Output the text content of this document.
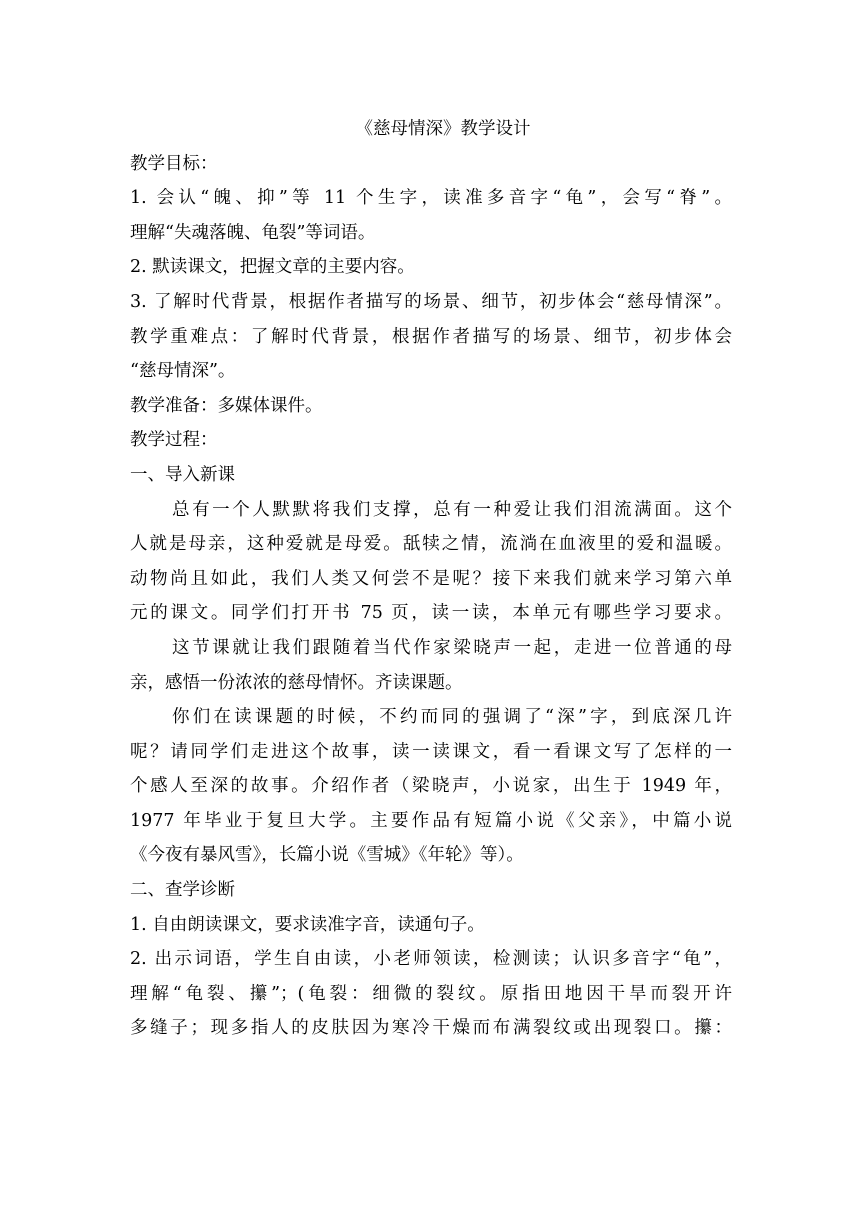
《慈母情深》教学设计

教学目标：

1. 会认“魄、抑”等 11 个生字，读准多音字“龟”，会写“脊”。

理解“失魂落魄、龟裂”等词语。

2. 默读课文，把握文章的主要内容。

3. 了解时代背景，根据作者描写的场景、细节，初步体会“慈母情深”。

教学重难点：了解时代背景，根据作者描写的场景、细节，初步体会

“慈母情深”。

教学准备：多媒体课件。

教学过程：

一、导入新课

总有一个人默默将我们支撑，总有一种爱让我们泪流满面。这个

人就是母亲，这种爱就是母爱。舐犊之情，流淌在血液里的爱和温暖。

动物尚且如此，我们人类又何尝不是呢？接下来我们就来学习第六单

元的课文。同学们打开书 75 页，读一读，本单元有哪些学习要求。

这节课就让我们跟随着当代作家梁晓声一起，走进一位普通的母

亲，感悟一份浓浓的慈母情怀。齐读课题。

你们在读课题的时候，不约而同的强调了“深”字，到底深几许

呢？请同学们走进这个故事，读一读课文，看一看课文写了怎样的一

个感人至深的故事。介绍作者（梁晓声，小说家，出生于 1949 年，

1977 年毕业于复旦大学。主要作品有短篇小说《父亲》，中篇小说

《今夜有暴风雪》，长篇小说《雪城》《年轮》等）。

二、查学诊断

1. 自由朗读课文，要求读准字音，读通句子。

2. 出示词语，学生自由读，小老师领读，检测读；认识多音字“龟”，

理解“龟裂、攥”；(龟裂：细微的裂纹。原指田地因干旱而裂开许

多缝子；现多指人的皮肤因为寒冷干燥而布满裂纹或出现裂口。攥：
